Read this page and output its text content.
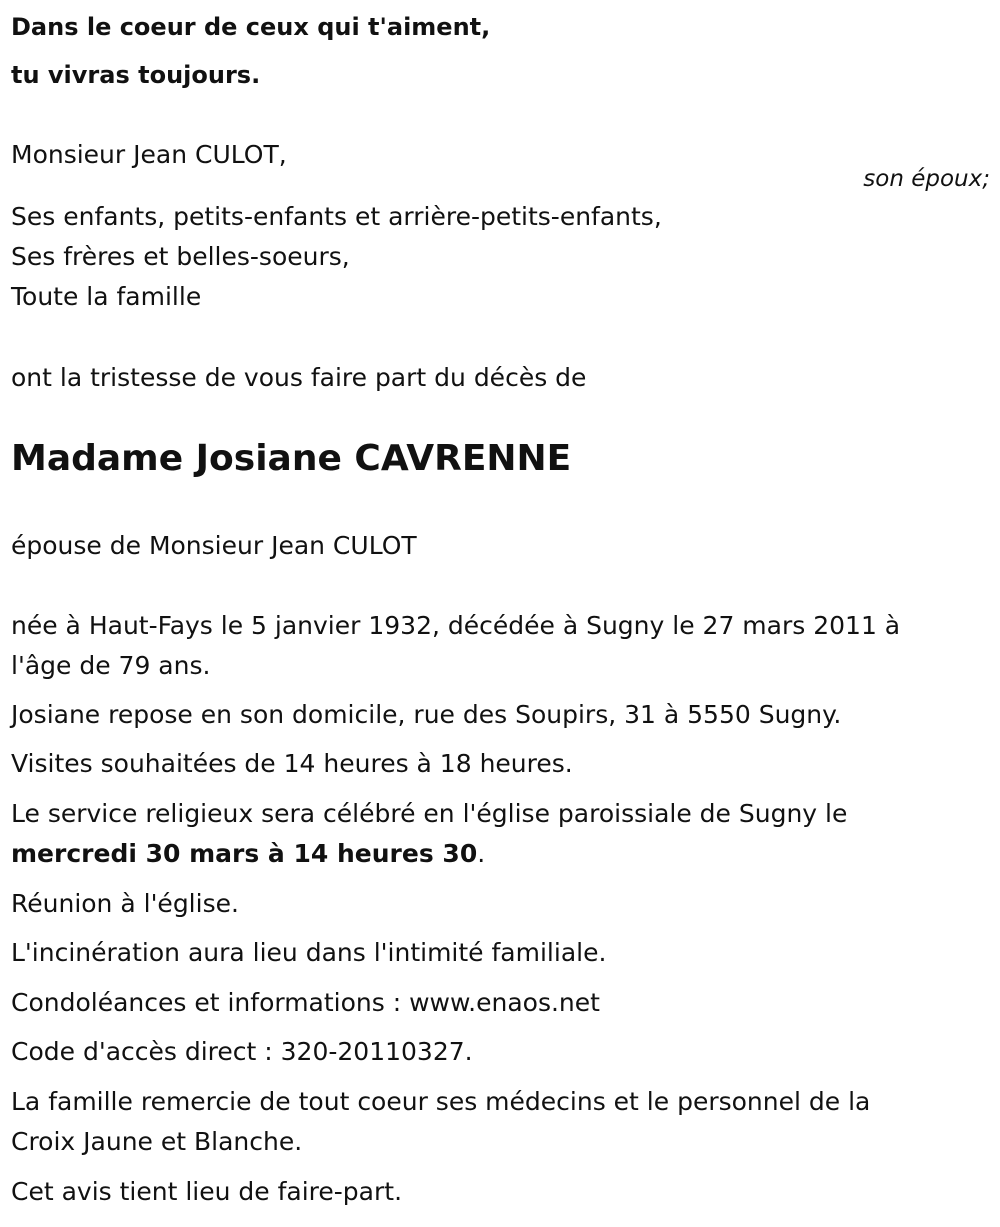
Dans le coeur de ceux qui t'aiment,

tu vivras toujours.

Monsieur Jean CULOT,

son époux;

Ses enfants, petits-enfants et arrière-petits-enfants,

Ses frères et belles-soeurs,

Toute la famille

ont la tristesse de vous faire part du décès de

Madame Josiane CAVRENNE

épouse de Monsieur Jean CULOT

née à Haut-Fays le 5 janvier 1932, décédée à Sugny le 27 mars 2011 à

l'âge de 79 ans.

Josiane repose en son domicile, rue des Soupirs, 31 à 5550 Sugny.

Visites souhaitées de 14 heures à 18 heures.

Le service religieux sera célébré en l'église paroissiale de Sugny le

mercredi 30 mars à 14 heures 30.

Réunion à l'église.

L'incinération aura lieu dans l'intimité familiale.

Condoléances et informations : www.enaos.net

Code d'accès direct : 320-20110327.

La famille remercie de tout coeur ses médecins et le personnel de la

Croix Jaune et Blanche.

Cet avis tient lieu de faire-part.
